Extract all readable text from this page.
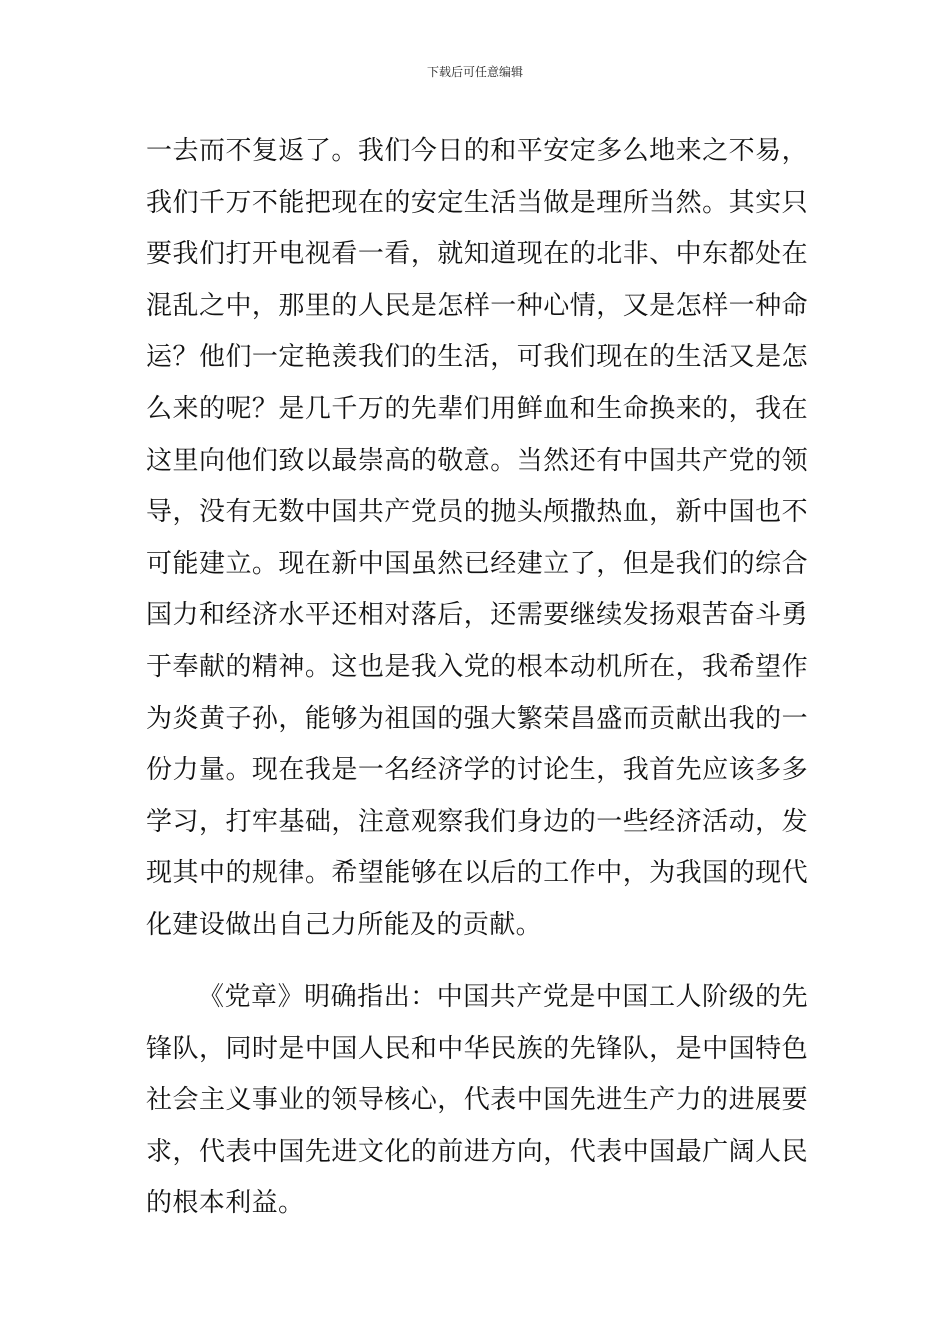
下载后可任意编辑

一去而不复返了。我们今日的和平安定多么地来之不易，我们千万不能把现在的安定生活当做是理所当然。其实只要我们打开电视看一看，就知道现在的北非、中东都处在混乱之中，那里的人民是怎样一种心情，又是怎样一种命运？他们一定艳羡我们的生活，可我们现在的生活又是怎么来的呢？是几千万的先辈们用鲜血和生命换来的，我在这里向他们致以最崇高的敬意。当然还有中国共产党的领导，没有无数中国共产党员的抛头颅撒热血，新中国也不可能建立。现在新中国虽然已经建立了，但是我们的综合国力和经济水平还相对落后，还需要继续发扬艰苦奋斗勇于奉献的精神。这也是我入党的根本动机所在，我希望作为炎黄子孙，能够为祖国的强大繁荣昌盛而贡献出我的一份力量。现在我是一名经济学的讨论生，我首先应该多多学习，打牢基础，注意观察我们身边的一些经济活动，发现其中的规律。希望能够在以后的工作中，为我国的现代化建设做出自己力所能及的贡献。

《党章》明确指出：中国共产党是中国工人阶级的先锋队，同时是中国人民和中华民族的先锋队，是中国特色社会主义事业的领导核心，代表中国先进生产力的进展要求，代表中国先进文化的前进方向，代表中国最广阔人民的根本利益。
